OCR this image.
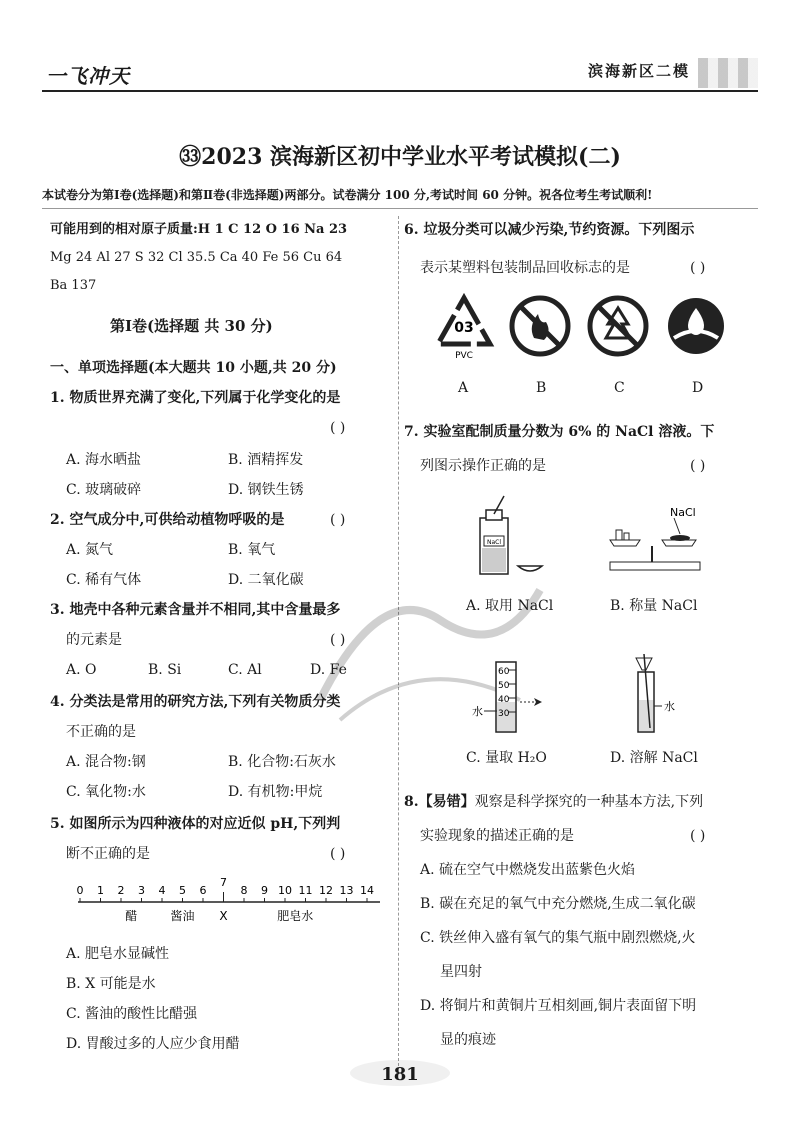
一飞冲天	滨海新区二模
㉝2023 滨海新区初中学业水平考试模拟(二)
本试卷分为第Ⅰ卷(选择题)和第Ⅱ卷(非选择题)两部分。试卷满分 100 分,考试时间 60 分钟。祝各位考生考试顺利!
可能用到的相对原子质量:H 1 C 12 O 16 Na 23
Mg 24 Al 27 S 32 Cl 35.5 Ca 40 Fe 56 Cu 64
Ba 137
第Ⅰ卷(选择题 共 30 分)
一、单项选择题(本大题共 10 小题,共 20 分)
1. 物质世界充满了变化,下列属于化学变化的是
( )
A. 海水晒盐	B. 酒精挥发
C. 玻璃破碎	D. 钢铁生锈
2. 空气成分中,可供给动植物呼吸的是	( )
A. 氮气	B. 氧气
C. 稀有气体	D. 二氧化碳
3. 地壳中各种元素含量并不相同,其中含量最多
的元素是	( )
A. O	B. Si	C. Al	D. Fe
4. 分类法是常用的研究方法,下列有关物质分类
不正确的是
A. 混合物:钢	B. 化合物:石灰水
C. 氧化物:水	D. 有机物:甲烷
5. 如图所示为四种液体的对应近似 pH,下列判
断不正确的是	( )
0 1 2 3 4 5 6
7
8 9 10 11 12 13 14
醋	酱油 X	肥皂水
A. 肥皂水显碱性
B. X 可能是水
C. 酱油的酸性比醋强
D. 胃酸过多的人应少食用醋
6. 垃圾分类可以减少污染,节约资源。下列图示
表示某塑料包装制品回收标志的是	( )
03
PVC
A	B	C	D
7. 实验室配制质量分数为 6% 的 NaCl 溶液。下
列图示操作正确的是	( )
NaCl
NaCl
A. 取用 NaCl	B. 称量 NaCl
60
50
40
30
水	水
C. 量取 H₂O	D. 溶解 NaCl
8.【易错】观察是科学探究的一种基本方法,下列
实验现象的描述正确的是	( )
A. 硫在空气中燃烧发出蓝紫色火焰
B. 碳在充足的氧气中充分燃烧,生成二氧化碳
C. 铁丝伸入盛有氧气的集气瓶中剧烈燃烧,火
星四射
D. 将铜片和黄铜片互相刻画,铜片表面留下明
显的痕迹
181
